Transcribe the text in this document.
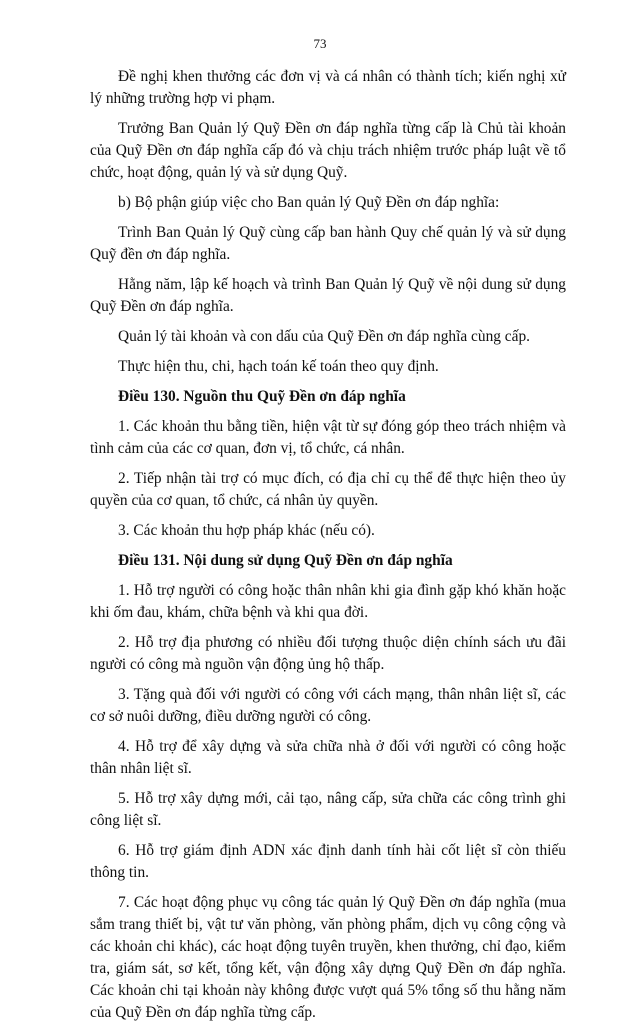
73

Đề nghị khen thưởng các đơn vị và cá nhân có thành tích; kiến nghị xử lý những trường hợp vi phạm.

Trưởng Ban Quản lý Quỹ Đền ơn đáp nghĩa từng cấp là Chủ tài khoản của Quỹ Đền ơn đáp nghĩa cấp đó và chịu trách nhiệm trước pháp luật về tổ chức, hoạt động, quản lý và sử dụng Quỹ.

b) Bộ phận giúp việc cho Ban quản lý Quỹ Đền ơn đáp nghĩa:

Trình Ban Quản lý Quỹ cùng cấp ban hành Quy chế quản lý và sử dụng Quỹ đền ơn đáp nghĩa.

Hằng năm, lập kế hoạch và trình Ban Quản lý Quỹ về nội dung sử dụng Quỹ Đền ơn đáp nghĩa.

Quản lý tài khoản và con dấu của Quỹ Đền ơn đáp nghĩa cùng cấp.

Thực hiện thu, chi, hạch toán kế toán theo quy định.

Điều 130. Nguồn thu Quỹ Đền ơn đáp nghĩa

1. Các khoản thu bằng tiền, hiện vật từ sự đóng góp theo trách nhiệm và tình cảm của các cơ quan, đơn vị, tổ chức, cá nhân.

2. Tiếp nhận tài trợ có mục đích, có địa chỉ cụ thể để thực hiện theo ủy quyền của cơ quan, tổ chức, cá nhân ủy quyền.

3. Các khoản thu hợp pháp khác (nếu có).

Điều 131. Nội dung sử dụng Quỹ Đền ơn đáp nghĩa

1. Hỗ trợ người có công hoặc thân nhân khi gia đình gặp khó khăn hoặc khi ốm đau, khám, chữa bệnh và khi qua đời.

2. Hỗ trợ địa phương có nhiều đối tượng thuộc diện chính sách ưu đãi người có công mà nguồn vận động ủng hộ thấp.

3. Tặng quà đối với người có công với cách mạng, thân nhân liệt sĩ, các cơ sở nuôi dưỡng, điều dưỡng người có công.

4. Hỗ trợ để xây dựng và sửa chữa nhà ở đối với người có công hoặc thân nhân liệt sĩ.

5. Hỗ trợ xây dựng mới, cải tạo, nâng cấp, sửa chữa các công trình ghi công liệt sĩ.

6. Hỗ trợ giám định ADN xác định danh tính hài cốt liệt sĩ còn thiếu thông tin.

7. Các hoạt động phục vụ công tác quản lý Quỹ Đền ơn đáp nghĩa (mua sắm trang thiết bị, vật tư văn phòng, văn phòng phẩm, dịch vụ công cộng và các khoản chi khác), các hoạt động tuyên truyền, khen thưởng, chỉ đạo, kiểm tra, giám sát, sơ kết, tổng kết, vận động xây dựng Quỹ Đền ơn đáp nghĩa. Các khoản chi tại khoản này không được vượt quá 5% tổng số thu hằng năm của Quỹ Đền ơn đáp nghĩa từng cấp.
